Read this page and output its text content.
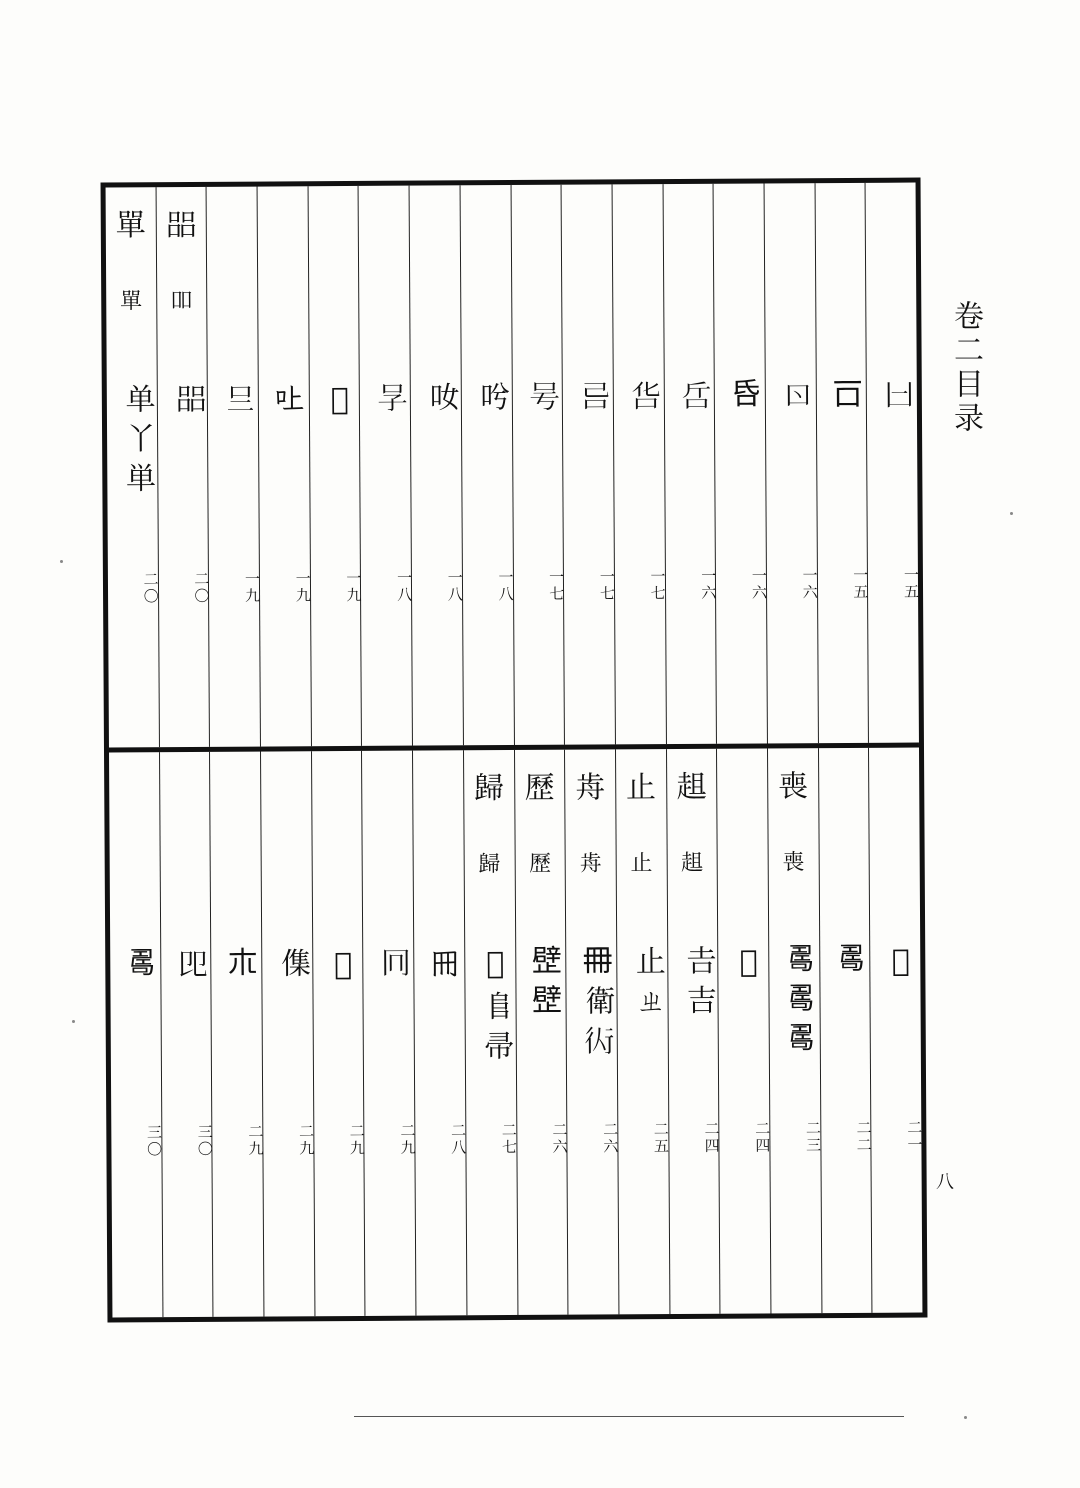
卷二目录
𠙵
一五
𠮛
一五
𠮚
一六
𠯑
一六
𠯓
一六
𠯒
一七
𠮯
一七
𠮲
一七
𠯋
一八
𠯆
一八
𠯂
一八
𠮦
一九
𠮵
一九
𠮡
一九
㗊
吅
㗊
二〇
單
單
单 丫 単
二〇
𣥠
二一
𠷎
二二
喪
喪
𠷎 𠷎 𠷎
二三
𣥠
二四
趄
趄
𠮷 吉
二四
止
止
止 ㄓ
二五
歬
歬
𠕋 衛 𧗟
二六
歷
歷
𣦢 𣦢
二六
歸
歸
𡚬 𨸏 帚
二七
𠕁
二八
𠔽
二九
𠕀
二九
𠍱
二九
𣎳
二九
𠨎
三〇
𠷎
三〇
八
